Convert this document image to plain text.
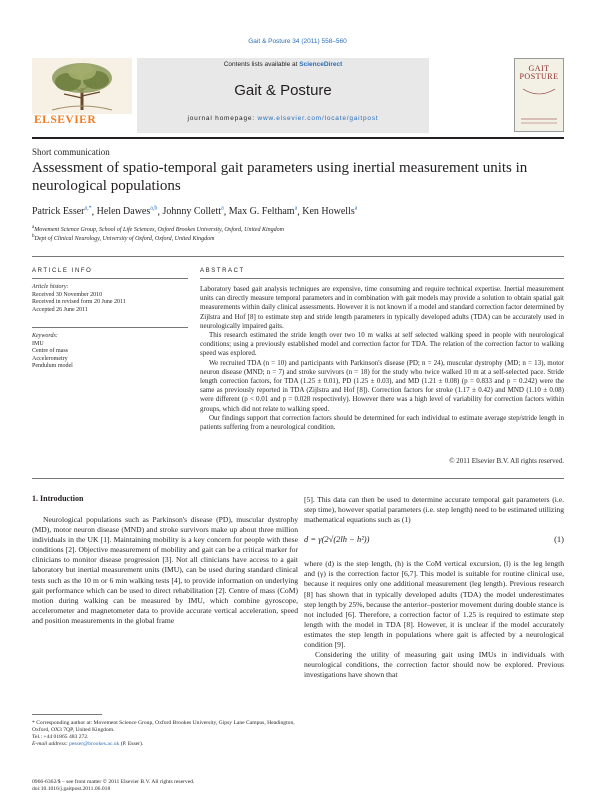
Gait & Posture 34 (2011) 558–560
ELSEVIER
Contents lists available at ScienceDirect
Gait & Posture
journal homepage: www.elsevier.com/locate/gaitpost
GAIT POSTURE
Short communication
Assessment of spatio-temporal gait parameters using inertial measurement units in neurological populations
Patrick Esser$^{a,*}$, Helen Dawes$^{a,b}$, Johnny Collett$^a$, Max G. Feltham$^a$, Ken Howells$^a$
$^a$Movement Science Group, School of Life Sciences, Oxford Brookes University, Oxford, United Kingdom
$^b$Dept of Clinical Neurology, University of Oxford, Oxford, United Kingdom
ARTICLE INFO
Article history:
Received 30 November 2010
Received in revised form 20 June 2011
Accepted 26 June 2011
Keywords:
IMU
Centre of mass
Accelerometry
Pendulum model
ABSTRACT

Laboratory based gait analysis techniques are expensive, time consuming and require technical expertise. Inertial measurement units can directly measure temporal parameters and in combination with gait models may provide a solution to obtain spatial gait measurements within daily clinical assessments. However it is not known if a model and standard correction factor determined by Zijlstra and Hof [8] to estimate step and stride length parameters in typically developed adults (TDA) can be accurately used in neurologically impaired gaits.

This research estimated the stride length over two 10 m walks at self selected walking speed in people with neurological conditions; using a previously established model and correction factor for TDA. The relation of the correction factor to walking speed was explored.

We recruited TDA (n = 10) and participants with Parkinson's disease (PD; n = 24), muscular dystrophy (MD; n = 13), motor neuron disease (MND; n = 7) and stroke survivors (n = 18) for the study who twice walked 10 m at a self-selected pace. Stride length correction factors, for TDA (1.25 ± 0.01), PD (1.25 ± 0.03), and MD (1.21 ± 0.08) (p = 0.833 and p = 0.242) were the same as previously reported in TDA (Zijlstra and Hof [8]). Correction factors for stroke (1.17 ± 0.42) and MND (1.10 ± 0.08) were different (p < 0.01 and p = 0.028 respectively). However there was a high level of variability for correction factors within groups, which did not relate to walking speed.

Our findings support that correction factors should be determined for each individual to estimate average step/stride length in patients suffering from a neurological condition.

© 2011 Elsevier B.V. All rights reserved.
1. Introduction

Neurological populations such as Parkinson's disease (PD), muscular dystrophy (MD), motor neuron disease (MND) and stroke survivors make up about three million individuals in the UK [1]. Maintaining mobility is a key concern for people with these conditions [2]. Objective measurement of mobility and gait can be a critical marker for clinicians to monitor disease progression [3]. Not all clinicians have access to a gait laboratory but inertial measurement units (IMU), can be used during standard clinical tests such as the 10 m or 6 min walking tests [4], to provide information on underlying gait performance which can be used to direct rehabilitation [2]. Centre of mass (CoM) motion during walking can be measured by IMU, which combine gyroscope, accelerometer and magnetometer data to provide accurate vertical acceleration, speed and position measurements in the global frame

[5]. This data can then be used to determine accurate temporal gait parameters (i.e. step time), however spatial parameters (i.e. step length) need to be estimated utilizing mathematical equations such as (1)

d = γ(2√(2lh − h²))	(1)

where (d) is the step length, (h) is the CoM vertical excursion, (l) is the leg length and (γ) is the correction factor [6,7]. This model is suitable for routine clinical use, because it requires only one additional measurement (leg length). Previous research [8] has shown that in typically developed adults (TDA) the model underestimates step length by 25%, because the anterior–posterior movement during double stance is not included [6]. Therefore, a correction factor of 1.25 is required to estimate step length with the model in TDA [8]. However, it is unclear if the model accurately estimates the step length in populations where gait is affected by a neurological condition [9].

Considering the utility of measuring gait using IMUs in individuals with neurological conditions, the correction factor should now be explored. Previous investigations have shown that

* Corresponding author at: Movement Science Group, Oxford Brookes University, Gipsy Lane Campus, Headington, Oxford, OX3 7QP, United Kingdom.
Tel.: +44 01865 483 272.
E-mail address: pesser@brookes.ac.uk (P. Esser).
0966-6362/$ – see front matter © 2011 Elsevier B.V. All rights reserved.
doi:10.1016/j.gaitpost.2011.06.018
